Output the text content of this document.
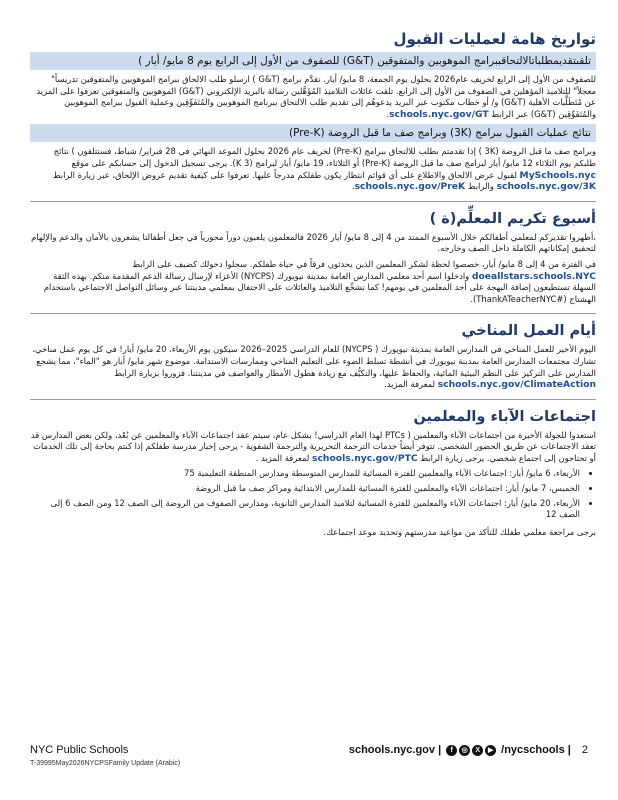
تواريخ هامة لعمليات القبول
تلقىتقديمطلباتالالتحاقببرامج الموهوبين والمتفوقين (G&T) للصفوف من الأول إلى الرابع يوم 8 مايو/ أيار )

للصفوف من الأول إلى الرابع لخريف عام2026 بحلول يوم الجمعة، 8 مايو/ أيار. تقدَّم برامج (G&T ) ارسلو طلب الالحاق ببرامج الموهوبين والمتفوقين تدريساً" معجلاً" للتلاميذ المؤهلين في الصفوف من الأول إلى الرابع. تلقت عائلات التلاميذ المُؤَهَّلين رسالة بالبريد الإلكتروني (G&T) الموهوبين والمتفوقين تعرفوا على المزيد عن مُتَطَلَّبات الأهلية (G&T) و/ أو خطاب مكتوب عبر البريد يدعوهُم إلى تقديم طلب الالتحاق ببرنامج الموهوبين والمُتَفَوِّقِين وعملية القبول ببرامج الموهوبين والمُتَفَوِّقِين (G&T) عبر الرابط schools.nyc.gov/GT.

نتائج عمليات القبول ببرامج (3K) وبرامج صف ما قبل الروضة (Pre-K)

وبرامج صف ما قبل الروضة (3K ) إذا تقدمتم بطلب للالتحاق ببرامج (Pre-K) لخريف عام 2026 بحلول الموعد النهائي في 28 فبراير/ شباط، فستتلقون ) نتائج طلبكم يوم الثلاثاء 12 مايو/ أيار لبرامج صف ما قبل الروضة (Pre-K) أو الثلاثاء، 19 مايو/ أيار لبرامج (3 K). يرجى تسجيل الدخول إلى حسابكم على موقع MySchools.nyc لقبول عرض الالحاق والاطلاع على أي قوائم انتظار يكون طفلكم مدرجاً عليها. تعرفوا على كيفية تقديم عروض الإلحاق، عبر زيارة الرابط schools.nyc.gov/3K والرابط schools.nyc.gov/PreK.

أسبوع تكريم المعلِّم(ة )

،أظهروا تقديركم لمعلمي أطفالكم خلال الأسبوع الممتد من 4 إلى 8 مايو/ أيار 2026 فالمعلمون يلعبون دوراً محورياً في جعل أطفالنا يشعرون بالأمان والدعم والإلهام لتحقيق إمكاناتهم الكاملة داخل الصف وخارجه.

في الفترة من 4 إلى 8 مايو/ أيار، خصصوا لحظة لشكر المعلمين الذين يحدثون فرقاً في حياة طفلكم. سجلوا دخولك كضيف على الرابط doeallstars.schools.NYC وادخلوا اسم أحد معلمي المدارس العامة بمدينة نيويورك (NYCPS) الأعزاء لإرسال رسالة الدعم المقدمة منكم. بهذه الثقة السهلة تستطيعون إضافة البهجة على أحد المعلمين في يومهم! كما نشجِّع التلاميذ والعائلات على الاحتفال بمعلمي مدينتنا عبر وسائل التواصل الاجتماعي باستخدام الهشتاج (#ThankATeacherNYC).

أيام العمل المناخي

اليوم الأخير للعمل المناخي في المدارس العامة بمدينة نيويورك ( NYCPS) للعام الدراسي 2025–2026 سيكون يوم الأربعاء، 20 مايو/ أيار! في كل يوم عمل مناخي، تشارك مجتمعات المدارس العامة بمدينة نيويورك في أنشطة تسلط الضوء على التعليم المناخي وممارسات الاستدامة. موضوع شهر مايو/ أيار هو "الماء"، مما يشجع المدارس على التركيز على النظم البيئية المائية، والحفاظ عليها، والتكيُّف مع زيادة هطول الأمطار والعواصف في مدينتنا. فزوروا بزيارة الرابط schools.nyc.gov/ClimateAction لمعرفة المزيد.

اجتماعات الآباء والمعلمين

استعدوا للجولة الأخيرة من اجتماعات الآباء والمعلمين ( PTCs لهذا العام الدراسي! بشكل عام، سيتم عقد اجتماعات الآباء والمعلمين عن بُعْد، ولكن بعض المدارس قد تعقد الاجتماعات عن طريق الحضور الشخصي. تتوفر أيضاً خدمات الترجمة التحريرية والترجمة الشفوية - يرجى إخبار مدرسة طفلكم إذا كنتم بحاجة إلى تلك الخدمات أو تحتاجون إلى اجتماع شخصي. يرجى زيارة الرابط schools.nyc.gov/PTC لمعرفة المزيد .

• الأربعاء، 6 مايو/ أيار: اجتماعات الآباء والمعلمين للفترة المسائية للمدارس المتوسطة ومدارس المنطقة التعليمية 75
• الخميس، 7 مايو/ أيار: اجتماعات الآباء والمعلمين للفترة المسائية للمدارس الابتدائية ومراكز صف ما قبل الروضة
• الأربعاء، 20 مايو/ أيار: اجتماعات الآباء والمعلمين للفترة المسائية لتلاميذ المدارس الثانوية، ومدارس الصفوف من الروضة إلى الصف 12 ومن الصف 6 إلى الصف 12

يرجى مراجعة معلمي طفلك للتأكد من مواعيد مدرستهم وتحديد موعد اجتماعك.

NYC Public Schools
T-39995May2026NYCPSFamily Update (Arabic)
schools.nyc.gov |	f	◎	X	▶ /nycschools | 2
